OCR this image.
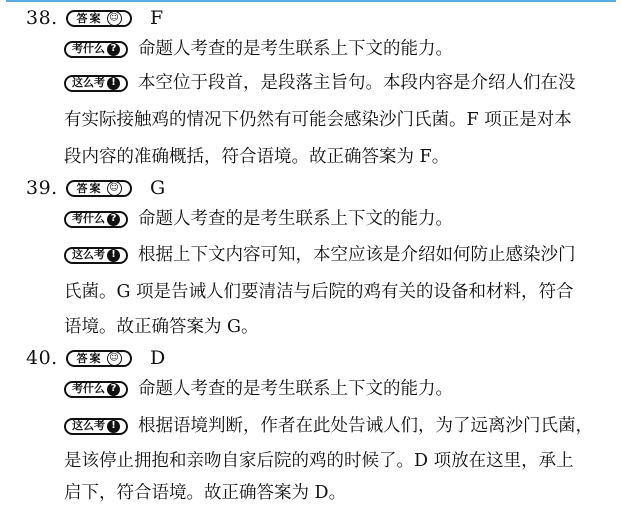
38.	答案 ☺ F
考什么 ? 命题人考查的是考生联系上下文的能力。
这么考 ! 本空位于段首，是段落主旨句。本段内容是介绍人们在没
有实际接触鸡的情况下仍然有可能会感染沙门氏菌。F 项正是对本
段内容的准确概括，符合语境。故正确答案为 F。
39.	答案 ☺ G
考什么 ? 命题人考查的是考生联系上下文的能力。
这么考 ! 根据上下文内容可知，本空应该是介绍如何防止感染沙门
氏菌。G 项是告诫人们要清洁与后院的鸡有关的设备和材料，符合
语境。故正确答案为 G。
40.	答案 ☺ D
考什么 ? 命题人考查的是考生联系上下文的能力。
这么考 ! 根据语境判断，作者在此处告诫人们，为了远离沙门氏菌，
是该停止拥抱和亲吻自家后院的鸡的时候了。D 项放在这里，承上
启下，符合语境。故正确答案为 D。
